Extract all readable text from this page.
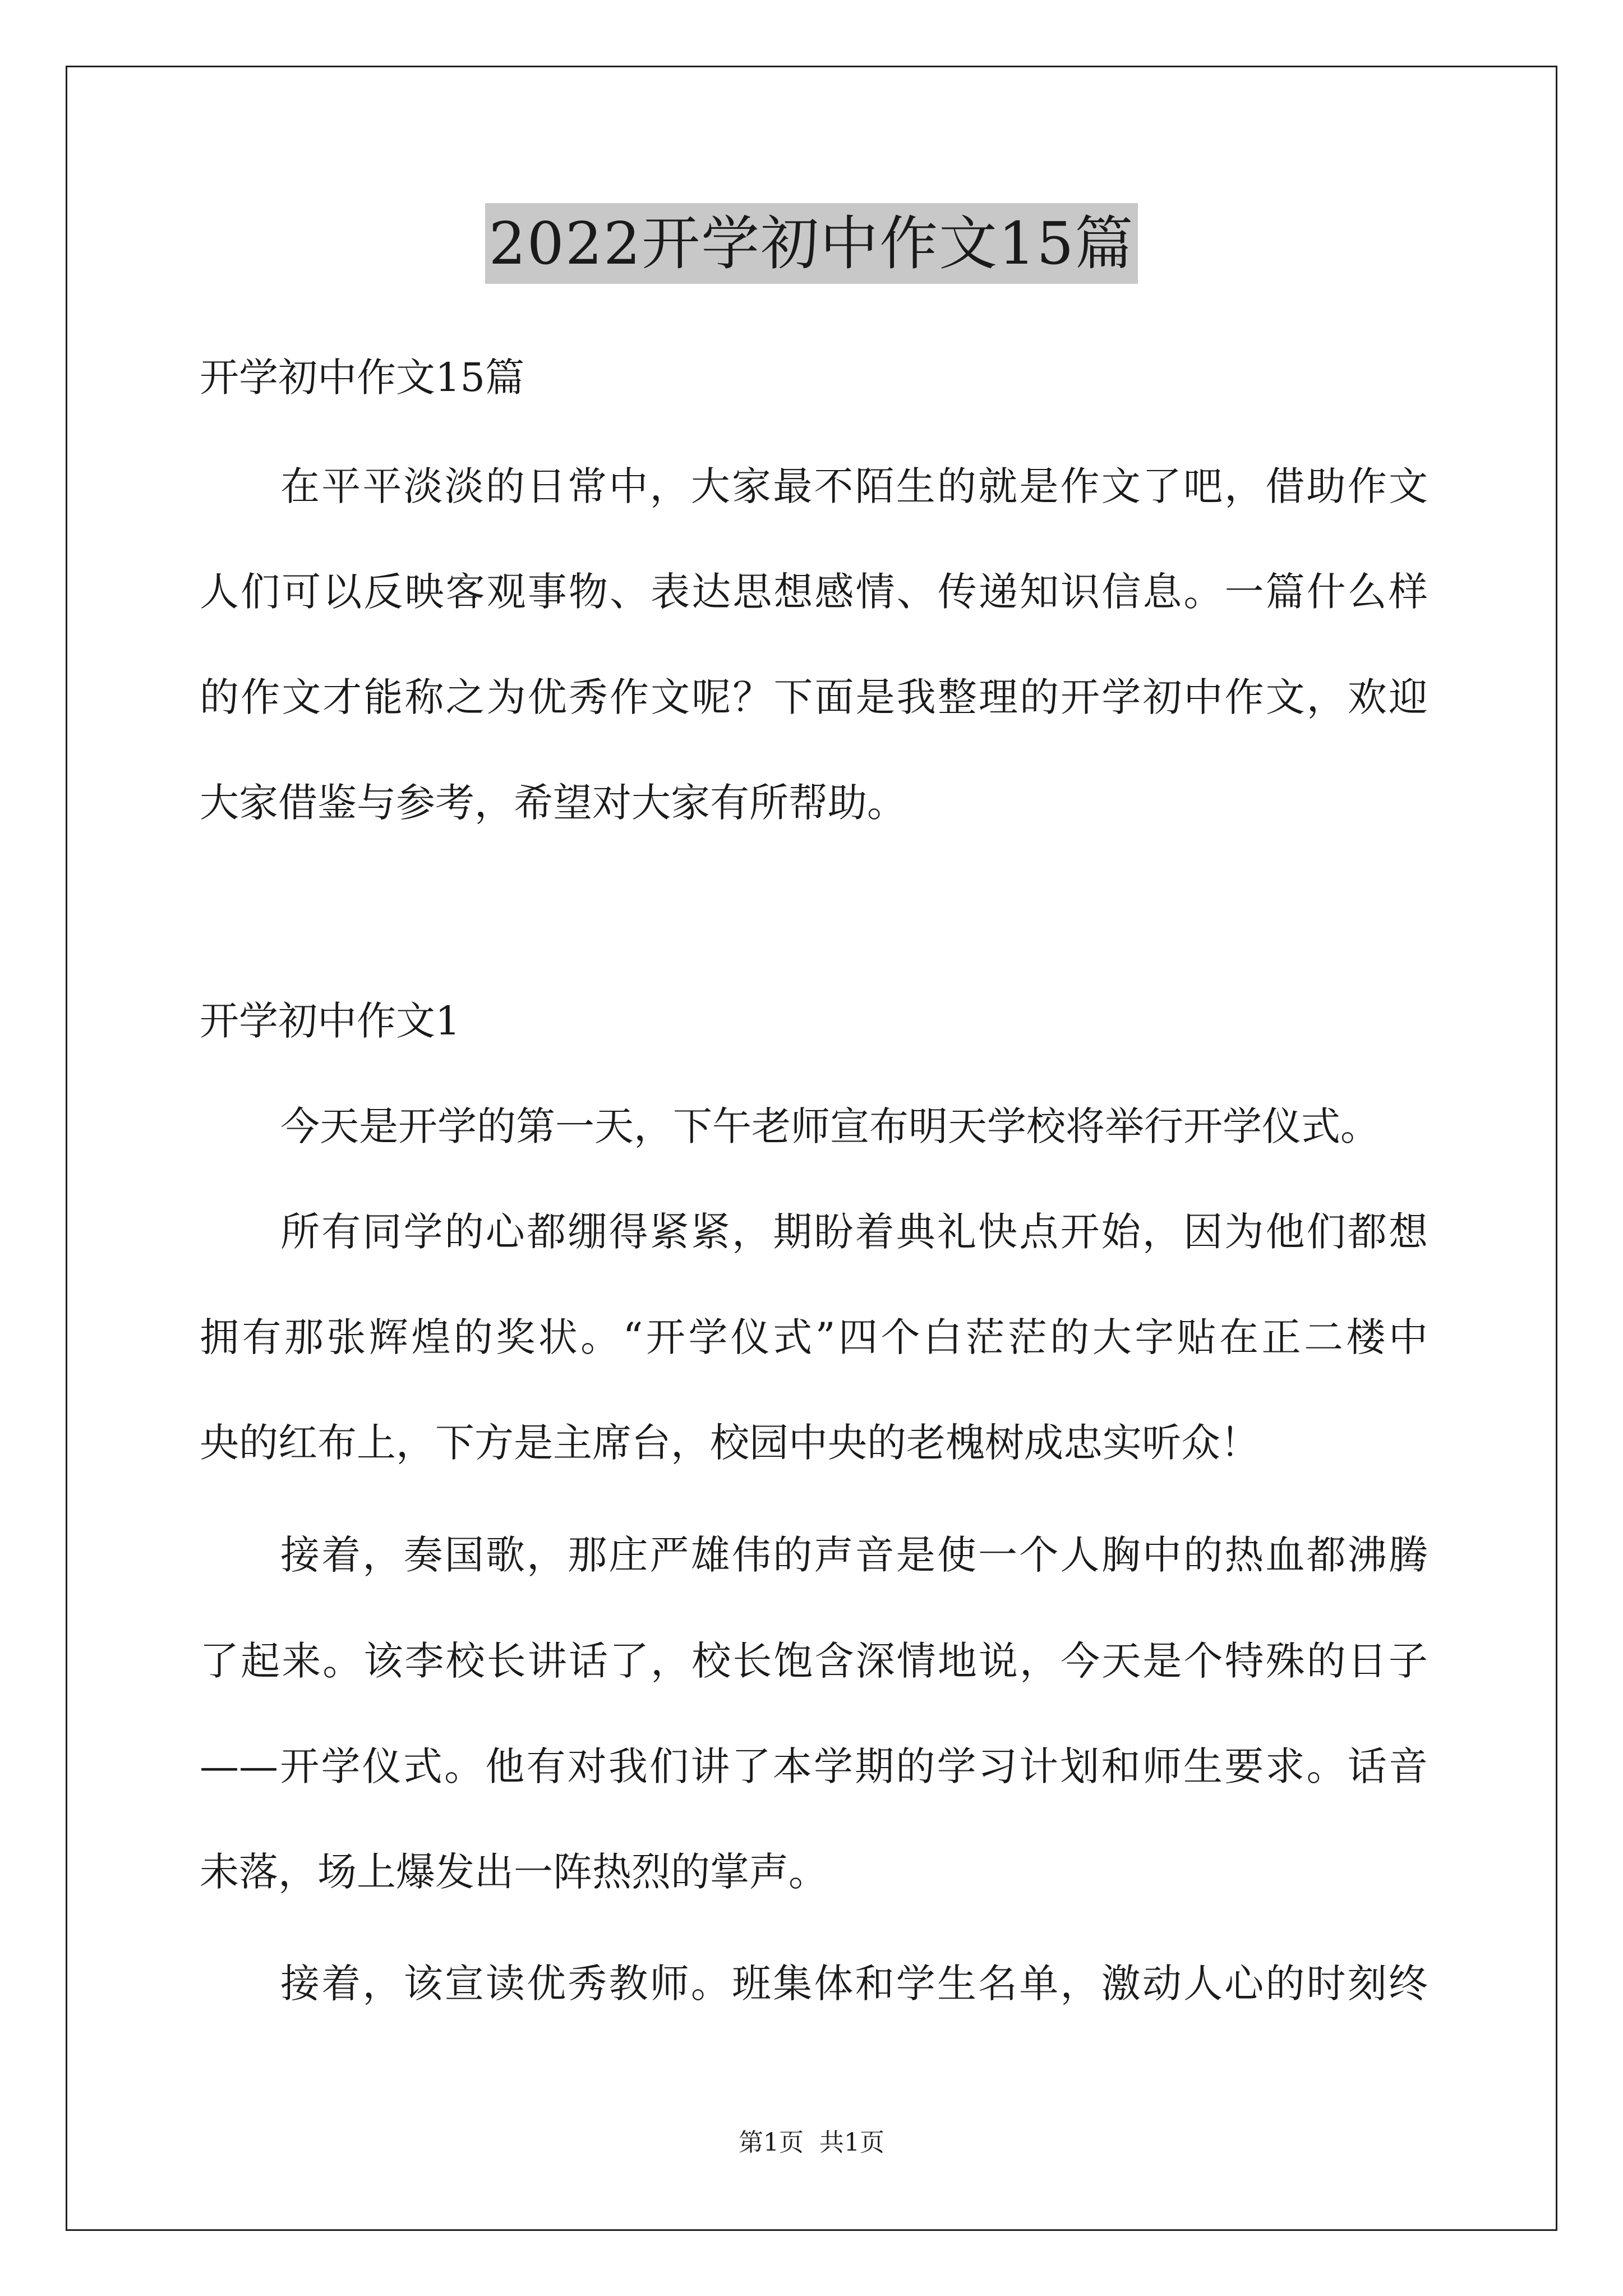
2022开学初中作文15篇
开学初中作文15篇
在平平淡淡的日常中，大家最不陌生的就是作文了吧，借助作文
人们可以反映客观事物、表达思想感情、传递知识信息。一篇什么样
的作文才能称之为优秀作文呢？下面是我整理的开学初中作文，欢迎
大家借鉴与参考，希望对大家有所帮助。
开学初中作文1
今天是开学的第一天，下午老师宣布明天学校将举行开学仪式。
所有同学的心都绷得紧紧，期盼着典礼快点开始，因为他们都想
拥有那张辉煌的奖状。“开学仪式”四个白茫茫的大字贴在正二楼中
央的红布上，下方是主席台，校园中央的老槐树成忠实听众！
接着，奏国歌，那庄严雄伟的声音是使一个人胸中的热血都沸腾
了起来。该李校长讲话了，校长饱含深情地说，今天是个特殊的日子
——开学仪式。他有对我们讲了本学期的学习计划和师生要求。话音
未落，场上爆发出一阵热烈的掌声。
接着，该宣读优秀教师。班集体和学生名单，激动人心的时刻终
第1页 共1页
